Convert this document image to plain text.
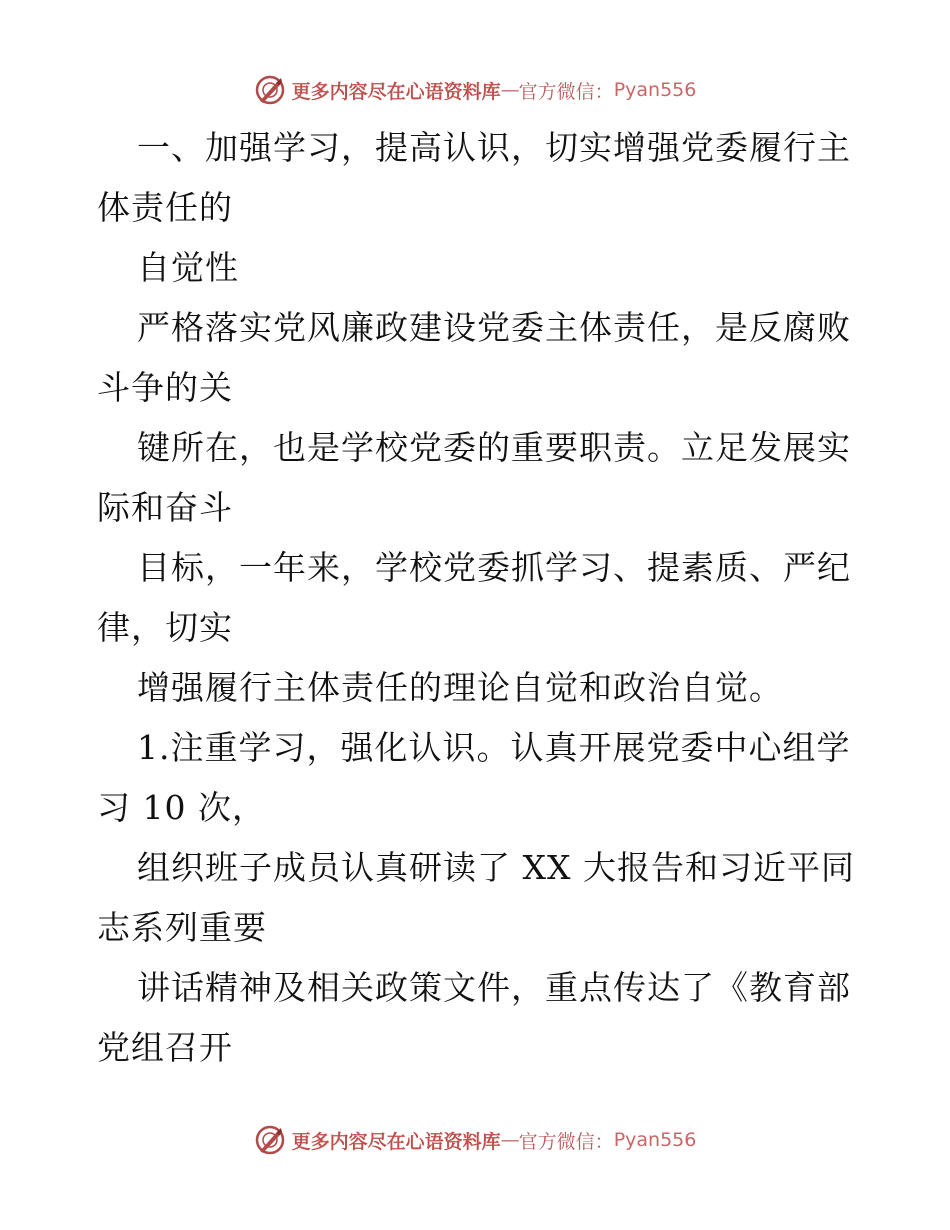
更多内容尽在心语资料库 — 官方微信： Pyan556
一、加强学习，提高认识，切实增强党委履行主
体责任的
自觉性
严格落实党风廉政建设党委主体责任，是反腐败
斗争的关
键所在，也是学校党委的重要职责。立足发展实
际和奋斗
目标，一年来，学校党委抓学习、提素质、严纪
律，切实
增强履行主体责任的理论自觉和政治自觉。
1.注重学习，强化认识。认真开展党委中心组学
习 10 次，
组织班子成员认真研读了 XX 大报告和习近平同
志系列重要
讲话精神及相关政策文件，重点传达了《教育部
党组召开
更多内容尽在心语资料库 — 官方微信： Pyan556
